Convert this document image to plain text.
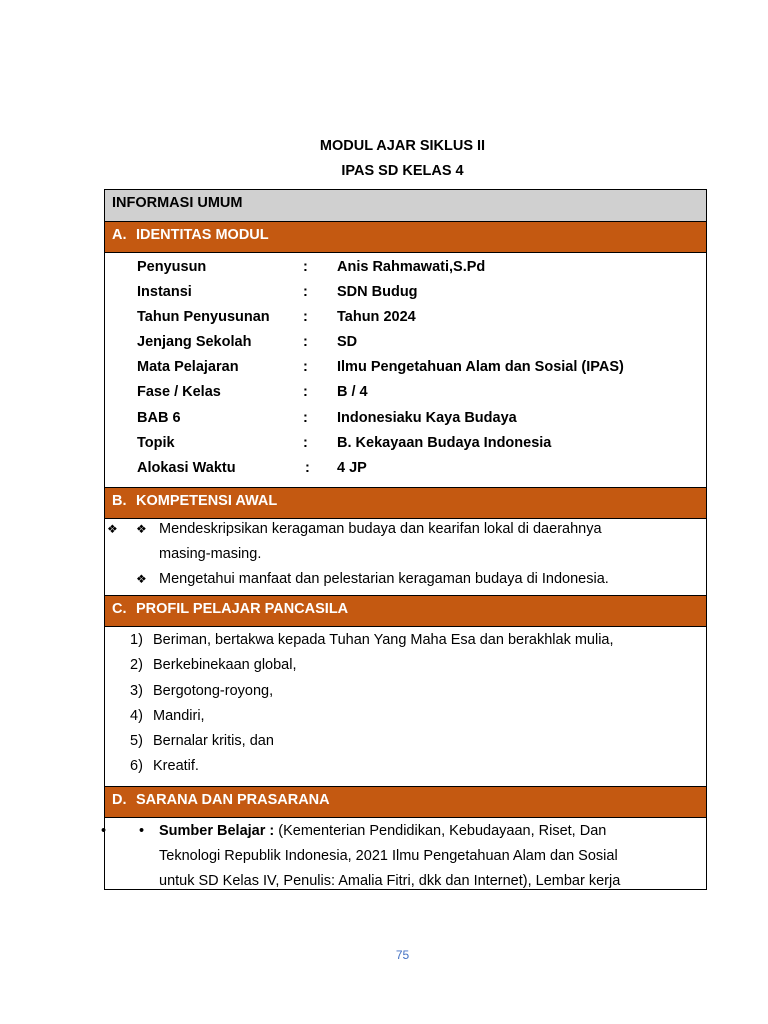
MODUL AJAR SIKLUS II
IPAS SD KELAS 4
INFORMASI UMUM
A. IDENTITAS MODUL
Penyusun	: Anis Rahmawati,S.Pd
Instansi	: SDN Budug
Tahun Penyusunan : Tahun 2024
Jenjang Sekolah	: SD
Mata Pelajaran	: Ilmu Pengetahuan Alam dan Sosial (IPAS)
Fase / Kelas	: B / 4
BAB 6	: Indonesiaku Kaya Budaya
Topik	: B. Kekayaan Budaya Indonesia
Alokasi Waktu	: 4 JP
B. KOMPETENSI AWAL
❖ ❖ Mendeskripsikan keragaman budaya dan kearifan lokal di daerahnya
masing-masing.
❖ Mengetahui manfaat dan pelestarian keragaman budaya di Indonesia.
C. PROFIL PELAJAR PANCASILA
1) Beriman, bertakwa kepada Tuhan Yang Maha Esa dan berakhlak mulia,
2) Berkebinekaan global,
3) Bergotong-royong,
4) Mandiri,
5) Bernalar kritis, dan
6) Kreatif.
D. SARANA DAN PRASARANA
• • Sumber Belajar : (Kementerian Pendidikan, Kebudayaan, Riset, Dan
Teknologi Republik Indonesia, 2021 Ilmu Pengetahuan Alam dan Sosial
untuk SD Kelas IV, Penulis: Amalia Fitri, dkk dan Internet), Lembar kerja
75
